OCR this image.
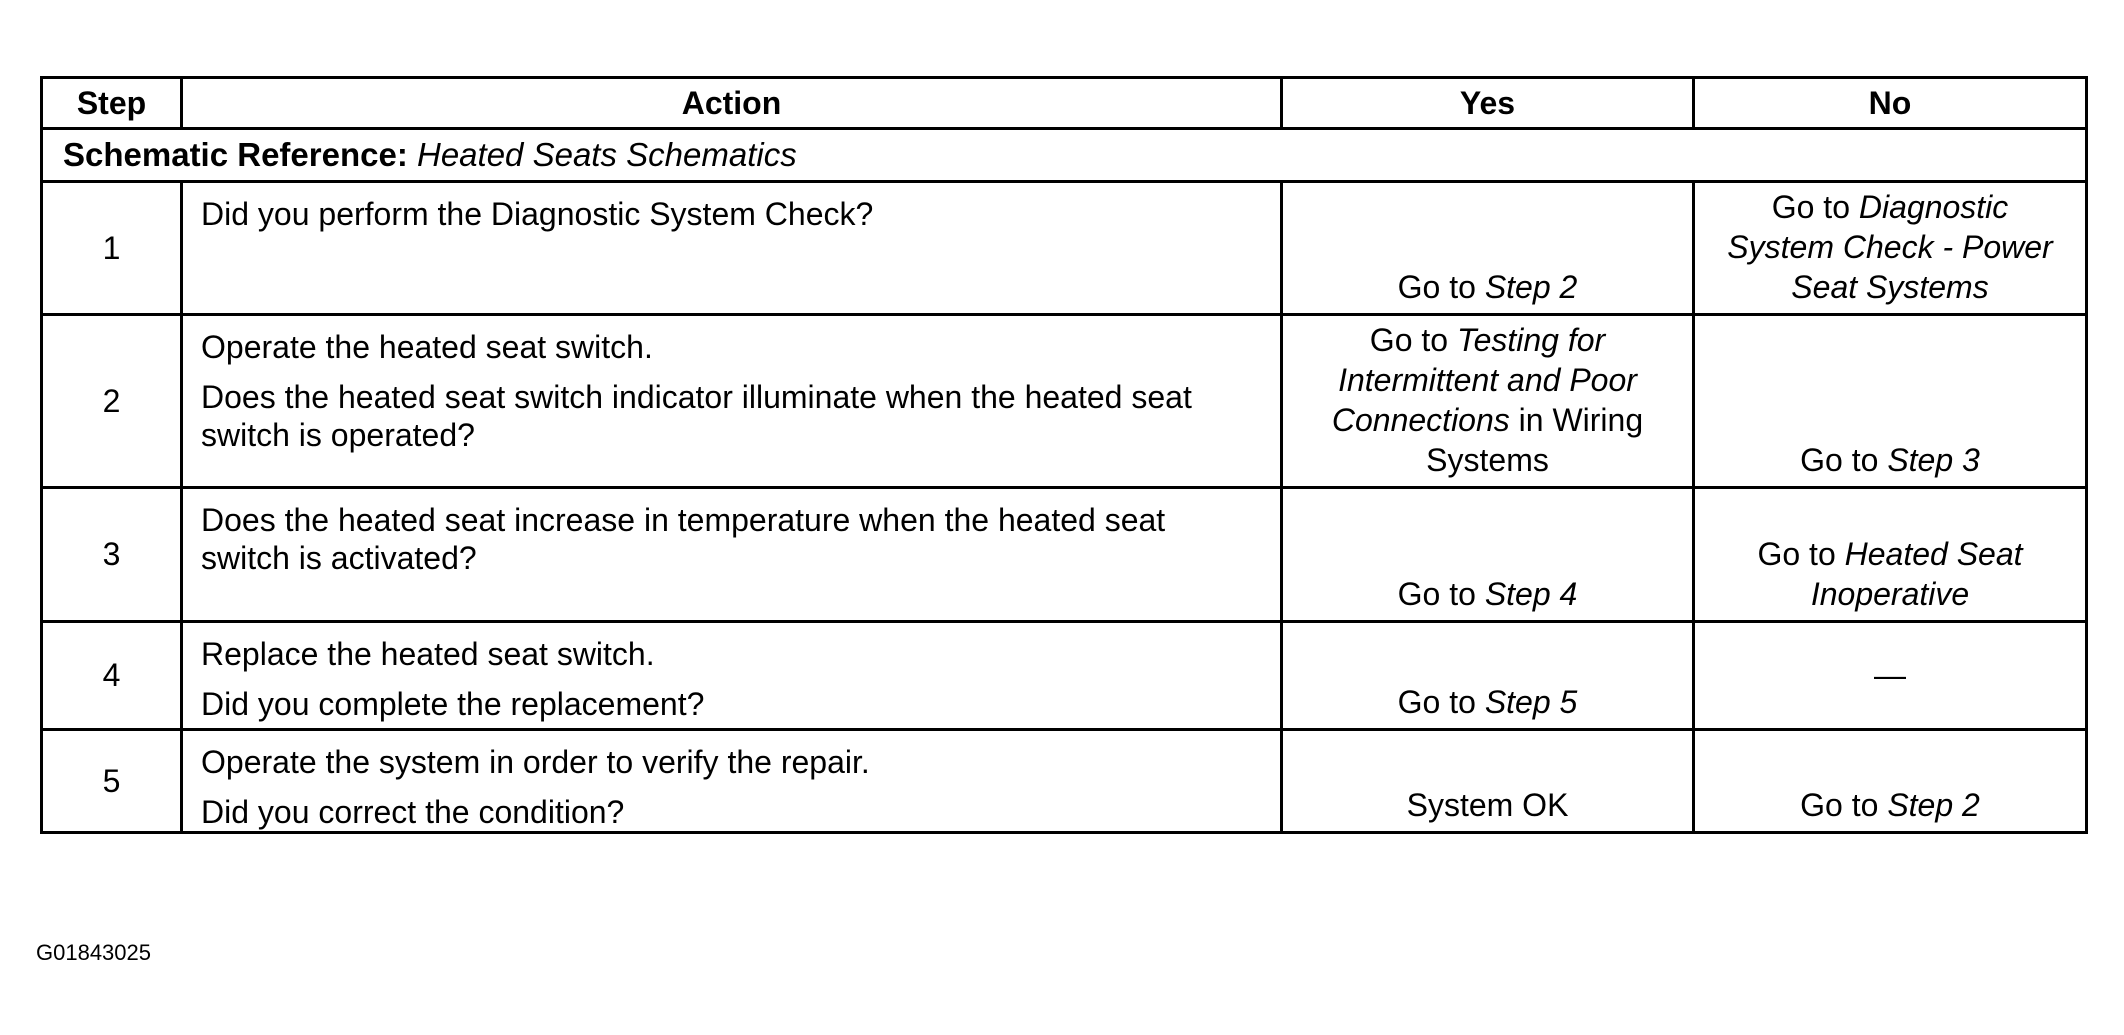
Step	Action	Yes	No
Schematic Reference: Heated Seats Schematics			
1	Did you perform the Diagnostic System Check?	Go to Step 2	Go to Diagnostic System Check - Power Seat Systems
2	Operate the heated seat switch.
Does the heated seat switch indicator illuminate when the heated seat switch is operated?	Go to Testing for Intermittent and Poor Connections in Wiring Systems	Go to Step 3
3	Does the heated seat increase in temperature when the heated seat switch is activated?	Go to Step 4	Go to Heated Seat Inoperative
4	Replace the heated seat switch.
Did you complete the replacement?	Go to Step 5	—
5	Operate the system in order to verify the repair.
Did you correct the condition?	System OK	Go to Step 2
G01843025
